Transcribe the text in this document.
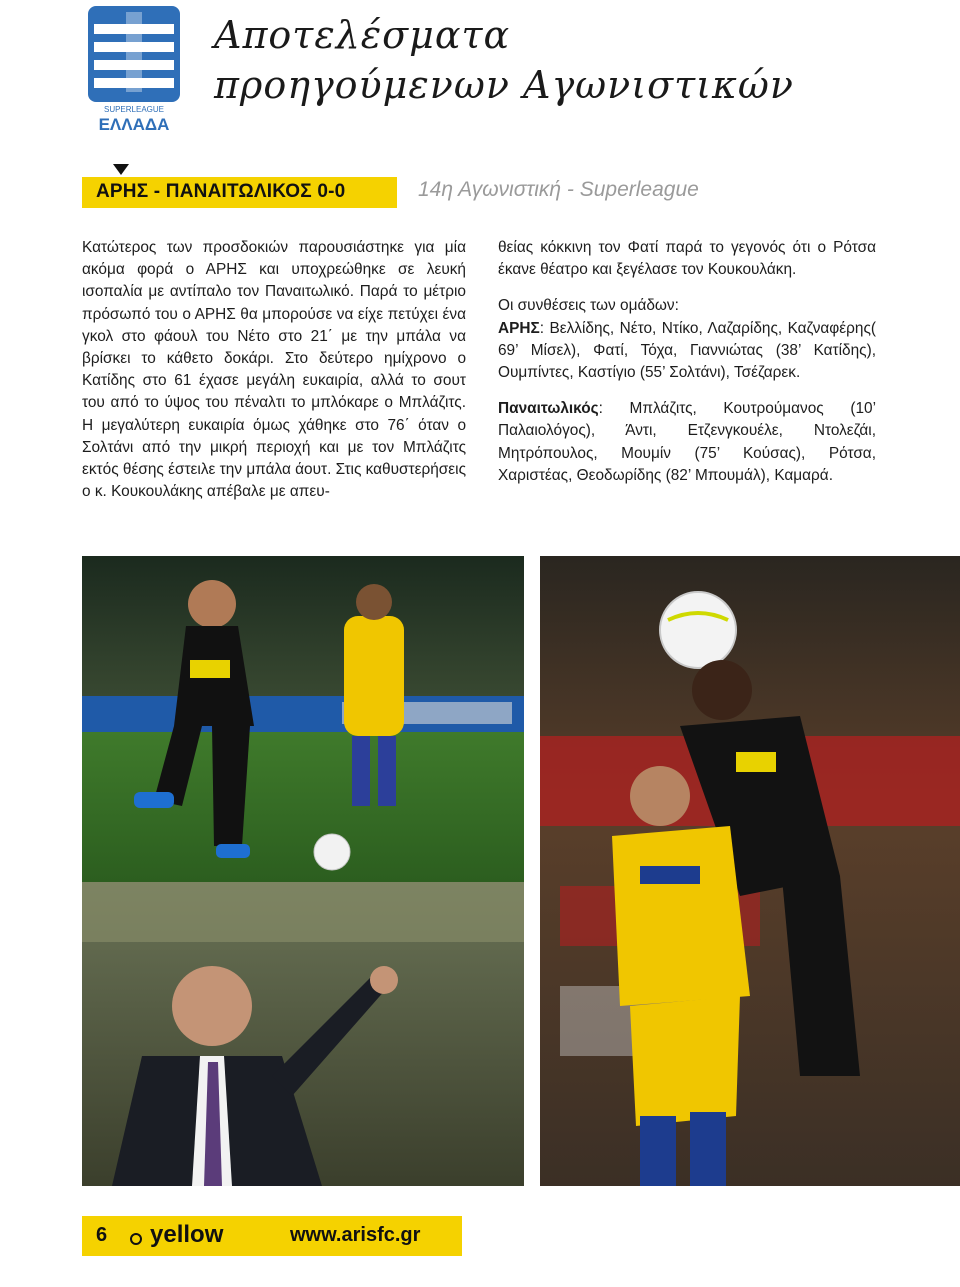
SUPERLEAGUE
ΕΛΛΑΔΑ
Αποτελέσματα
προηγούμενων Αγωνιστικών
ΑΡΗΣ - ΠΑΝΑΙΤΩΛΙΚΟΣ 0-0	14η Αγωνιστική - Superleague

Κατώτερος των προσδοκιών παρουσιάστηκε για μία ακόμα φορά ο ΑΡΗΣ και υποχρεώθηκε σε λευκή ισοπαλία με αντίπαλο τον Παναιτωλικό. Παρά το μέτριο πρόσωπό του ο ΑΡΗΣ θα μπορούσε να είχε πετύχει ένα γκολ στο φάουλ του Νέτο στο 21΄ με την μπάλα να βρίσκει το κάθετο δοκάρι. Στο δεύτερο ημίχρονο ο Κατίδης στο 61 έχασε μεγάλη ευκαιρία, αλλά το σουτ του από το ύψος του πέναλτι το μπλόκαρε ο Μπλάζιτς. Η μεγαλύτερη ευκαιρία όμως χάθηκε στο 76΄ όταν ο Σολτάνι από την μικρή περιοχή και με τον Μπλάζιτς εκτός θέσης έστειλε την μπάλα άουτ. Στις καθυστερήσεις ο κ. Κουκουλάκης απέβαλε με απευ-

θείας κόκκινη τον Φατί παρά το γεγονός ότι ο Ρότσα έκανε θέατρο και ξεγέλασε τον Κουκουλάκη.

Οι συνθέσεις των ομάδων:

ΑΡΗΣ: Βελλίδης, Νέτο, Ντίκο, Λαζαρίδης, Καζναφέρης( 69’ Μίσελ), Φατί, Τόχα, Γιαννιώτας (38’ Κατίδης), Ουμπίντες, Καστίγιο (55’ Σολτάνι), Τσέζαρεκ.

Παναιτωλικός: Μπλάζιτς, Κουτρούμανος (10’ Παλαιολόγος), Άντι, Ετζενγκουέλε, Ντολεζάι, Μητρόπουλος, Μουμίν (75’ Κούσας), Ρότσα, Χαριστέας, Θεοδωρίδης (82’ Μπουμάλ), Καμαρά.

6 yellow	www.arisfc.gr
